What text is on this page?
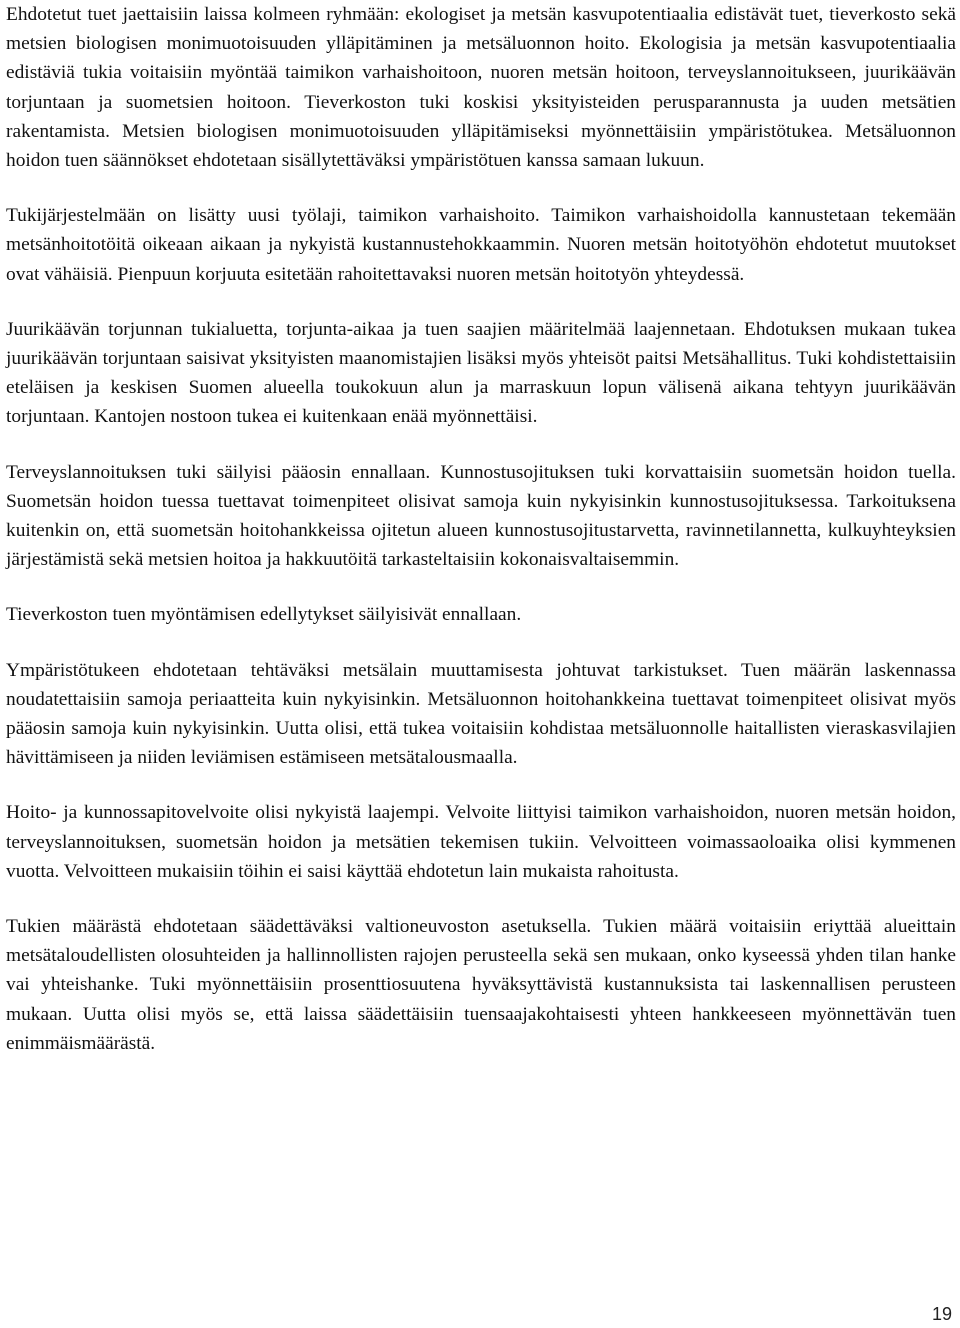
Ehdotetut tuet jaettaisiin laissa kolmeen ryhmään: ekologiset ja metsän kasvupotentiaalia edistävät tuet, tieverkosto sekä metsien biologisen monimuotoisuuden ylläpitäminen ja metsäluonnon hoito. Ekologisia ja metsän kasvupotentiaalia edistäviä tukia voitaisiin myöntää taimikon varhaishoitoon, nuoren metsän hoitoon, terveyslannoitukseen, juurikäävän torjuntaan ja suometsien hoitoon. Tieverkoston tuki koskisi yksityisteiden perusparannusta ja uuden metsätien rakentamista. Metsien biologisen monimuotoisuuden ylläpitämiseksi myönnettäisiin ympäristötukea. Metsäluonnon hoidon tuen säännökset ehdotetaan sisällytettäväksi ympäristötuen kanssa samaan lukuun.

Tukijärjestelmään on lisätty uusi työlaji, taimikon varhaishoito. Taimikon varhaishoidolla kannustetaan tekemään metsänhoitotöitä oikeaan aikaan ja nykyistä kustannustehokkaammin. Nuoren metsän hoitotyöhön ehdotetut muutokset ovat vähäisiä. Pienpuun korjuuta esitetään rahoitettavaksi nuoren metsän hoitotyön yhteydessä.

Juurikäävän torjunnan tukialuetta, torjunta-aikaa ja tuen saajien määritelmää laajennetaan. Ehdotuksen mukaan tukea juurikäävän torjuntaan saisivat yksityisten maanomistajien lisäksi myös yhteisöt paitsi Metsähallitus. Tuki kohdistettaisiin eteläisen ja keskisen Suomen alueella toukokuun alun ja marraskuun lopun välisenä aikana tehtyyn juurikäävän torjuntaan. Kantojen nostoon tukea ei kuitenkaan enää myönnettäisi.

Terveyslannoituksen tuki säilyisi pääosin ennallaan. Kunnostusojituksen tuki korvattaisiin suometsän hoidon tuella. Suometsän hoidon tuessa tuettavat toimenpiteet olisivat samoja kuin nykyisinkin kunnostusojituksessa. Tarkoituksena kuitenkin on, että suometsän hoitohankkeissa ojitetun alueen kunnostusojitustarvetta, ravinnetilannetta, kulkuyhteyksien järjestämistä sekä metsien hoitoa ja hakkuutöitä tarkasteltaisiin kokonaisvaltaisemmin.

Tieverkoston tuen myöntämisen edellytykset säilyisivät ennallaan.

Ympäristötukeen ehdotetaan tehtäväksi metsälain muuttamisesta johtuvat tarkistukset. Tuen määrän laskennassa noudatettaisiin samoja periaatteita kuin nykyisinkin. Metsäluonnon hoitohankkeina tuettavat toimenpiteet olisivat myös pääosin samoja kuin nykyisinkin. Uutta olisi, että tukea voitaisiin kohdistaa metsäluonnolle haitallisten vieraskasvilajien hävittämiseen ja niiden leviämisen estämiseen metsätalousmaalla.

Hoito- ja kunnossapitovelvoite olisi nykyistä laajempi. Velvoite liittyisi taimikon varhaishoidon, nuoren metsän hoidon, terveyslannoituksen, suometsän hoidon ja metsätien tekemisen tukiin. Velvoitteen voimassaoloaika olisi kymmenen vuotta. Velvoitteen mukaisiin töihin ei saisi käyttää ehdotetun lain mukaista rahoitusta.

Tukien määrästä ehdotetaan säädettäväksi valtioneuvoston asetuksella. Tukien määrä voitaisiin eriyttää alueittain metsätaloudellisten olosuhteiden ja hallinnollisten rajojen perusteella sekä sen mukaan, onko kyseessä yhden tilan hanke vai yhteishanke. Tuki myönnettäisiin prosenttiosuutena hyväksyttävistä kustannuksista tai laskennallisen perusteen mukaan. Uutta olisi myös se, että laissa säädettäisiin tuensaajakohtaisesti yhteen hankkeeseen myönnettävän tuen enimmäismäärästä.

19
